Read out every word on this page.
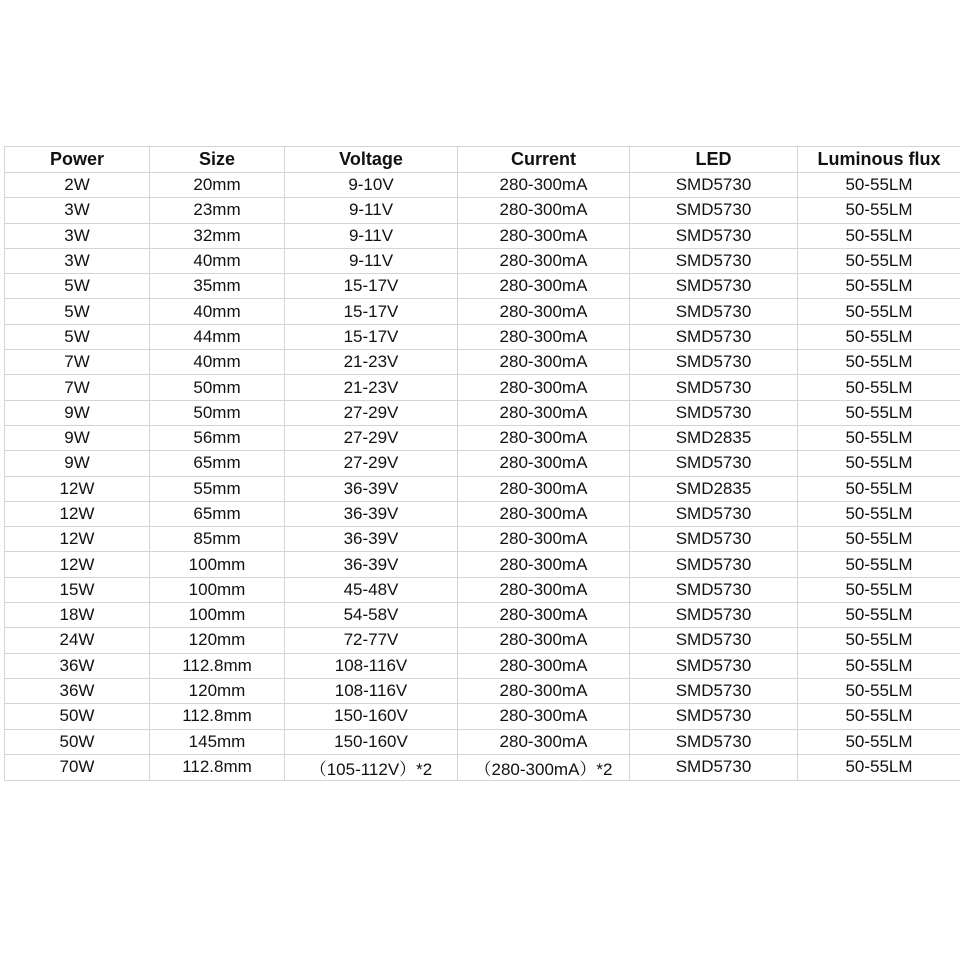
Power	Size	Voltage	Current	LED	Luminous flux
2W	20mm	9-10V	280-300mA	SMD5730	50-55LM
3W	23mm	9-11V	280-300mA	SMD5730	50-55LM
3W	32mm	9-11V	280-300mA	SMD5730	50-55LM
3W	40mm	9-11V	280-300mA	SMD5730	50-55LM
5W	35mm	15-17V	280-300mA	SMD5730	50-55LM
5W	40mm	15-17V	280-300mA	SMD5730	50-55LM
5W	44mm	15-17V	280-300mA	SMD5730	50-55LM
7W	40mm	21-23V	280-300mA	SMD5730	50-55LM
7W	50mm	21-23V	280-300mA	SMD5730	50-55LM
9W	50mm	27-29V	280-300mA	SMD5730	50-55LM
9W	56mm	27-29V	280-300mA	SMD2835	50-55LM
9W	65mm	27-29V	280-300mA	SMD5730	50-55LM
12W	55mm	36-39V	280-300mA	SMD2835	50-55LM
12W	65mm	36-39V	280-300mA	SMD5730	50-55LM
12W	85mm	36-39V	280-300mA	SMD5730	50-55LM
12W	100mm	36-39V	280-300mA	SMD5730	50-55LM
15W	100mm	45-48V	280-300mA	SMD5730	50-55LM
18W	100mm	54-58V	280-300mA	SMD5730	50-55LM
24W	120mm	72-77V	280-300mA	SMD5730	50-55LM
36W	112.8mm	108-116V	280-300mA	SMD5730	50-55LM
36W	120mm	108-116V	280-300mA	SMD5730	50-55LM
50W	112.8mm	150-160V	280-300mA	SMD5730	50-55LM
50W	145mm	150-160V	280-300mA	SMD5730	50-55LM
70W	112.8mm	（105-112V）*2	（280-300mA）*2	SMD5730	50-55LM
